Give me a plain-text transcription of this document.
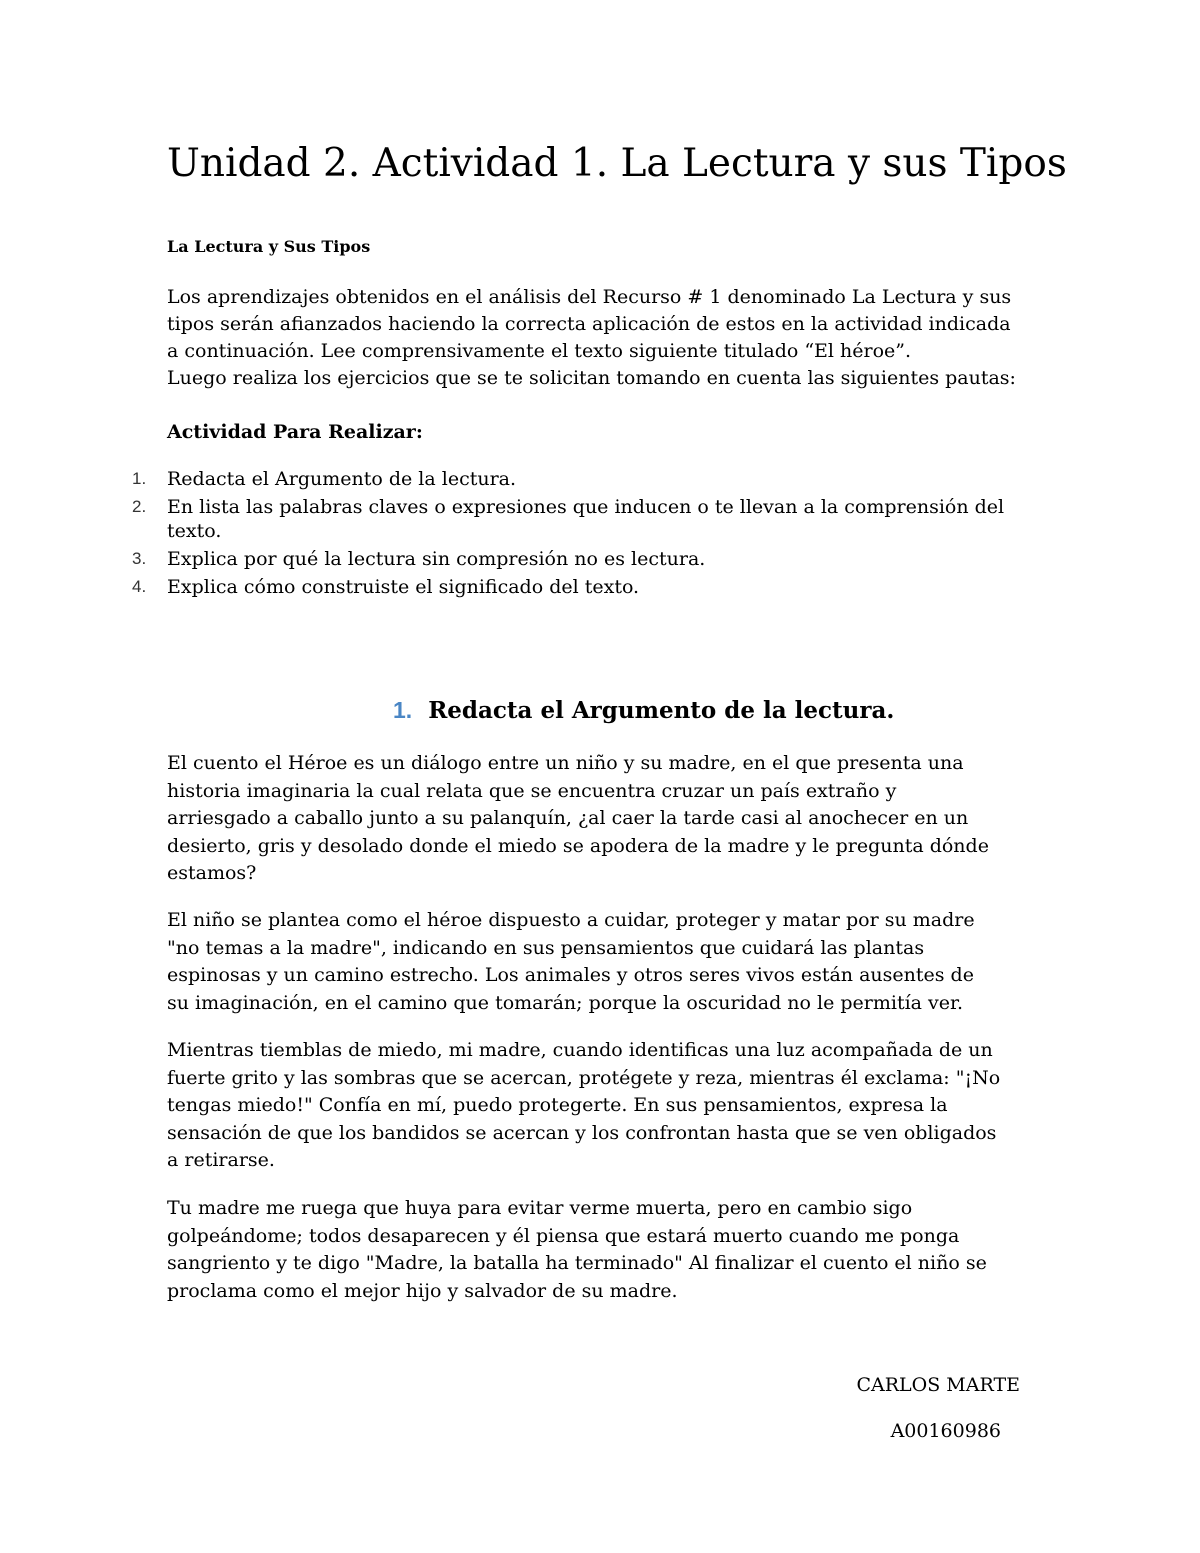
Unidad 2. Actividad 1. La Lectura y sus Tipos

La Lectura y Sus Tipos

Los aprendizajes obtenidos en el análisis del Recurso # 1 denominado La Lectura y sus
tipos serán afianzados haciendo la correcta aplicación de estos en la actividad indicada
a continuación. Lee comprensivamente el texto siguiente titulado “El héroe”.
Luego realiza los ejercicios que se te solicitan tomando en cuenta las siguientes pautas:

Actividad Para Realizar:

1. Redacta el Argumento de la lectura.
2. En lista las palabras claves o expresiones que inducen o te llevan a la comprensión del
texto.
3. Explica por qué la lectura sin compresión no es lectura.
4. Explica cómo construiste el significado del texto.
1. Redacta el Argumento de la lectura.

El cuento el Héroe es un diálogo entre un niño y su madre, en el que presenta una
historia imaginaria la cual relata que se encuentra cruzar un país extraño y
arriesgado a caballo junto a su palanquín, ¿al caer la tarde casi al anochecer en un
desierto, gris y desolado donde el miedo se apodera de la madre y le pregunta dónde
estamos?

El niño se plantea como el héroe dispuesto a cuidar, proteger y matar por su madre
"no temas a la madre", indicando en sus pensamientos que cuidará las plantas
espinosas y un camino estrecho. Los animales y otros seres vivos están ausentes de
su imaginación, en el camino que tomarán; porque la oscuridad no le permitía ver.

Mientras tiemblas de miedo, mi madre, cuando identificas una luz acompañada de un
fuerte grito y las sombras que se acercan, protégete y reza, mientras él exclama: "¡No
tengas miedo!" Confía en mí, puedo protegerte. En sus pensamientos, expresa la
sensación de que los bandidos se acercan y los confrontan hasta que se ven obligados
a retirarse.

Tu madre me ruega que huya para evitar verme muerta, pero en cambio sigo
golpeándome; todos desaparecen y él piensa que estará muerto cuando me ponga
sangriento y te digo "Madre, la batalla ha terminado" Al finalizar el cuento el niño se
proclama como el mejor hijo y salvador de su madre.

CARLOS MARTE

A00160986
